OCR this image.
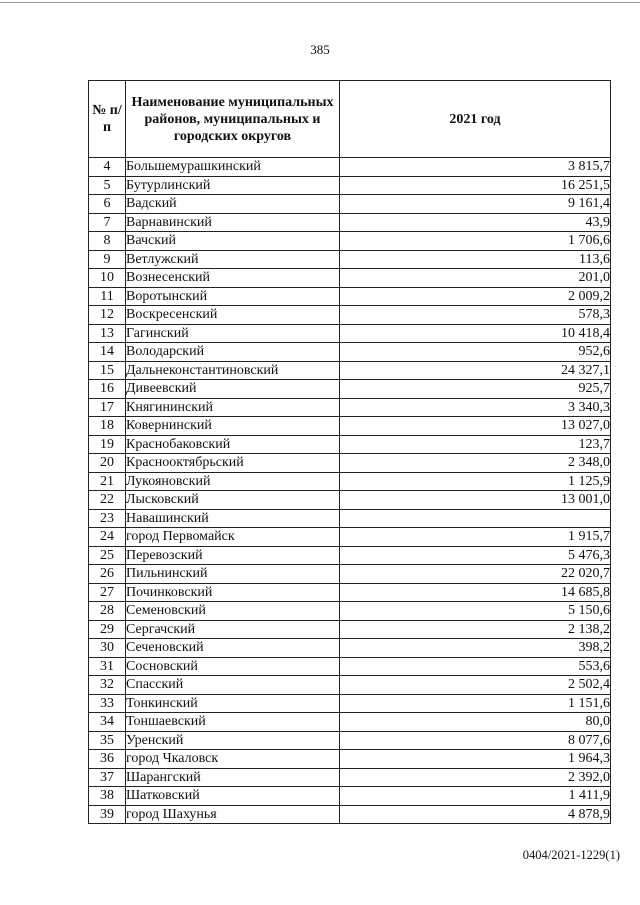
385
№ п/п	Наименование муниципальных районов, муниципальных и городских округов	2021 год
4	Большемурашкинский	3 815,7
5	Бутурлинский	16 251,5
6	Вадский	9 161,4
7	Варнавинский	43,9
8	Вачский	1 706,6
9	Ветлужский	113,6
10	Вознесенский	201,0
11	Воротынский	2 009,2
12	Воскресенский	578,3
13	Гагинский	10 418,4
14	Володарский	952,6
15	Дальнеконстантиновский	24 327,1
16	Дивеевский	925,7
17	Княгининский	3 340,3
18	Ковернинский	13 027,0
19	Краснобаковский	123,7
20	Краснооктябрьский	2 348,0
21	Лукояновский	1 125,9
22	Лысковский	13 001,0
23	Навашинский	
24	город Первомайск	1 915,7
25	Перевозский	5 476,3
26	Пильнинский	22 020,7
27	Починковский	14 685,8
28	Семеновский	5 150,6
29	Сергачский	2 138,2
30	Сеченовский	398,2
31	Сосновский	553,6
32	Спасский	2 502,4
33	Тонкинский	1 151,6
34	Тоншаевский	80,0
35	Уренский	8 077,6
36	город Чкаловск	1 964,3
37	Шарангский	2 392,0
38	Шатковский	1 411,9
39	город Шахунья	4 878,9
0404/2021-1229(1)
